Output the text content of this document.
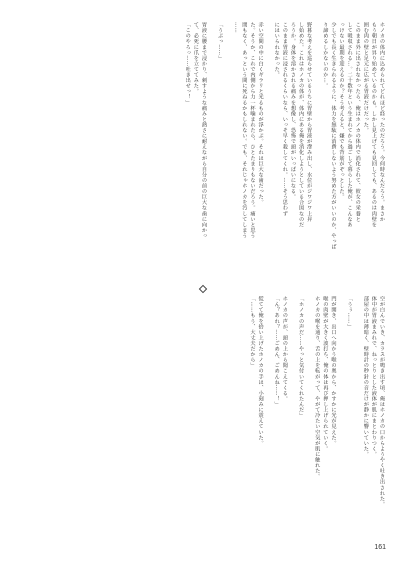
ホノカの体内に込められてどれほど経ったのだろう。今何時なんだろう。まさか

もう朝日が昇り始めているのかも。しかし見上げても見回しても、あるのは肉壁を

囲む肉の壁と足元に広がる胃液だけだった。

このまま外に出されなかったら、俺はホノカの体内で消化されて、彼女の栄養と

して吸収される…。二十数年という生まれてから過ごして暮らした俺が、こんなあ

っけない最期を迎えるのか？そう考えると、嫌でも背筋がぞっとした。

少しでも長く生きられるように、体力を無駄に消費しないよう努めた方がいいのか、やっぱ

り諦めるしかないのか…。

野暮な考えを巡らせているうちに胃壁から胃液が滲み出し、水位がジワジワ上昇

し始めた。これはホノカの体が、体内にある俺を消化しようとしている合図なのだ

ろうか。身体を溶かされる痛みを想像し、恐怖で頭がいっぱいになる。

このまま胃液に浸されるくらいなら、いっそ早く殺してくれ。……そう思わず

にはいられなかった。

赤い空間の中に白くギラリと光るものが浮かぶ。それは巨大な歯だった。

た。そうか、これで内側から力一杯噛まれたら、ひとたまりもないだろう。痛いと思う

間もなく、あっという間に死ねるかもしれない。でも、それじゃホノカを汚してしまう

……

「うぷっ……」

胃液に腰まで浸かり、刺すような痛みと熱さに耐えながら自分の前の巨大な歯に向かっ

て、必死に爪を立ててみた。

「このやろっ……吐き出せっ！」

空が白んでいき、カラスが鳴き出す頃、俺はホノカの口からようやく吐き出された。

体中が胃液まみれで、ねっとりとした液体が肌にまとわりつく。

部屋の中は薄暗く、壁時計の秒針の音だけが静かに響いていた。

「うぅ……」

門が開き、出口へ向かう喉の奥から、かすかに光が見えた。

喉の肉壁が大きく波打ち、俺の体は再び押し上げられていく。

ホノカの喉を通り、舌の上を転がって、やがて冷たい空気が肌に触れた。

「ホノカの声だ……やっと気付いてくれたんだ」

ホノカの声が、頭の上から聞こえてくる。

「ん？あれ？……ごめん、ごめんね……！」

慌てて俺を拾い上げたホノカの手は、小刻みに震えていた。

「……もう、大丈夫だから」

161
